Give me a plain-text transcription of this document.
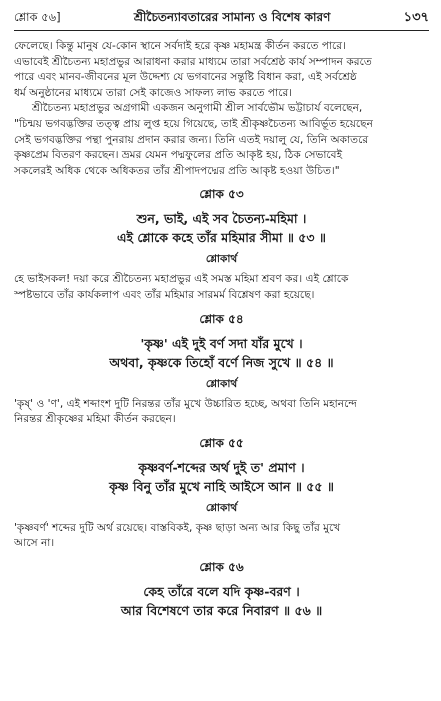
শ্লোক ৫৬]	শ্রীচৈতন্যাবতারের সামান্য ও বিশেষ কারণ	১৩৭

ফেলেছে। কিন্তু মানুষ যে-কোন স্থানে সর্বদাই হরে কৃষ্ণ মহামন্ত্র কীর্তন করতে পারে।
এভাবেই শ্রীচৈতন্য মহাপ্রভুর আরাধনা করার মাধ্যমে তারা সর্বশ্রেষ্ঠ কার্য সম্পাদন করতে
পারে এবং মানব-জীবনের মূল উদ্দেশ্য যে ভগবানের সন্তুষ্টি বিধান করা, এই সর্বশ্রেষ্ঠ
ধর্ম অনুষ্ঠানের মাধ্যমে তারা সেই কাজেও সাফল্য লাভ করতে পারে।

শ্রীচৈতন্য মহাপ্রভুর অগ্রগামী একজন অনুগামী শ্রীল সার্বভৌম ভট্টাচার্য বলেছেন,
"চিন্ময় ভগবদ্ভক্তির তত্ত্ব প্রায় লুপ্ত হয়ে গিয়েছে, তাই শ্রীকৃষ্ণচৈতন্য আবির্ভূত হয়েছেন
সেই ভগবদ্ভক্তির পন্থা পুনরায় প্রদান করার জন্য। তিনি এতই দয়ালু যে, তিনি অকাতরে
কৃষ্ণপ্রেম বিতরণ করছেন। ভ্রমর যেমন পদ্মফুলের প্রতি আকৃষ্ট হয়, ঠিক সেভাবেই
সকলেরই অধিক থেকে অধিকতর তাঁর শ্রীপাদপদ্মের প্রতি আকৃষ্ট হওয়া উচিত।"

শ্লোক ৫৩

শুন, ভাই, এই সব চৈতন্য-মহিমা ।
এই শ্লোকে কহে তাঁর মহিমার সীমা ॥ ৫৩ ॥

শ্লোকার্থ

হে ভাইসকল! দয়া করে শ্রীচৈতন্য মহাপ্রভুর এই সমস্ত মহিমা শ্রবণ কর। এই শ্লোকে
স্পষ্টভাবে তাঁর কার্যকলাপ এবং তাঁর মহিমার সারমর্ম বিশ্লেষণ করা হয়েছে।

শ্লোক ৫৪

'কৃষ্ণ' এই দুই বর্ণ সদা যাঁর মুখে ।
অথবা, কৃষ্ণকে তিহোঁ বর্ণে নিজ সুখে ॥ ৫৪ ॥

শ্লোকার্থ

'কৃষ্' ও 'ণ', এই শব্দাংশ দুটি নিরন্তর তাঁর মুখে উচ্চারিত হচ্ছে, অথবা তিনি মহানন্দে
নিরন্তর শ্রীকৃষ্ণের মহিমা কীর্তন করছেন।

শ্লোক ৫৫

কৃষ্ণবর্ণ-শব্দের অর্থ দুই ত' প্রমাণ ।
কৃষ্ণ বিনু তাঁর মুখে নাহি আইসে আন ॥ ৫৫ ॥

শ্লোকার্থ

'কৃষ্ণবর্ণ' শব্দের দুটি অর্থ রয়েছে। বাস্তবিকই, কৃষ্ণ ছাড়া অন্য আর কিছু তাঁর মুখে
আসে না।

শ্লোক ৫৬

কেহ তাঁরে বলে যদি কৃষ্ণ-বরণ ।
আর বিশেষণে তার করে নিবারণ ॥ ৫৬ ॥
